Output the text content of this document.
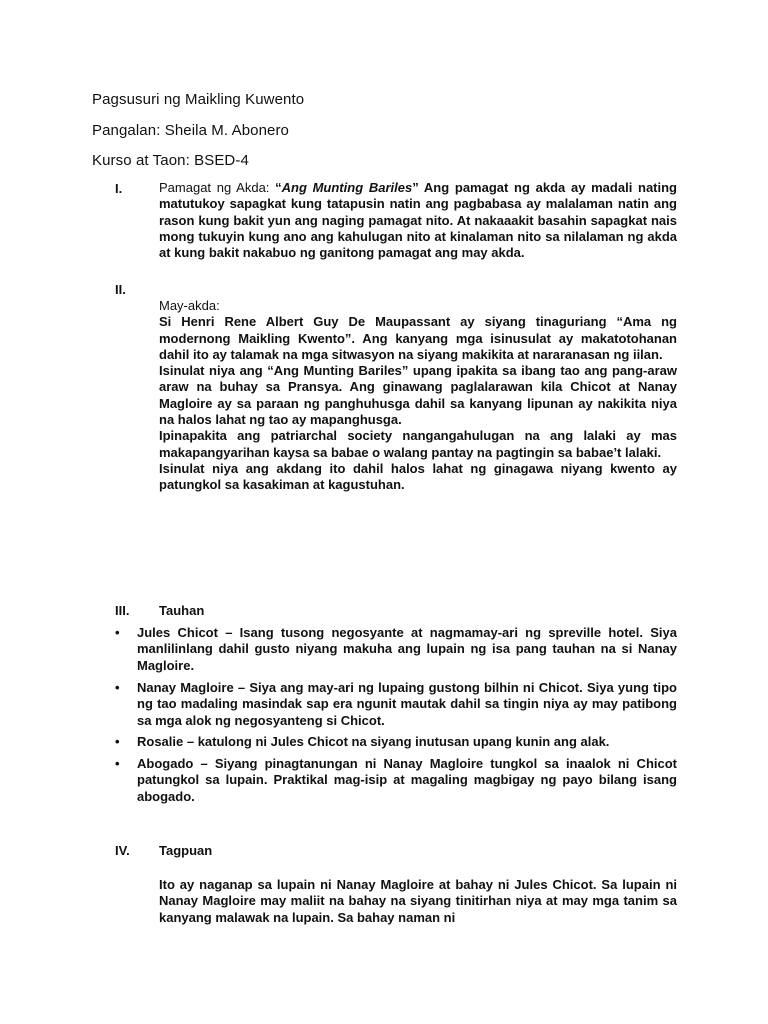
Pagsusuri ng Maikling Kuwento
Pangalan: Sheila M. Abonero
Kurso at Taon: BSED-4
I.	Pamagat ng Akda: “Ang Munting Bariles” Ang pamagat ng akda ay madali nating matutukoy sapagkat kung tatapusin natin ang pagbabasa ay malalaman natin ang rason kung bakit yun ang naging pamagat nito. At nakaaakit basahin sapagkat nais mong tukuyin kung ano ang kahulugan nito at kinalaman nito sa nilalaman ng akda at kung bakit nakabuo ng ganitong pamagat ang may akda.

II.

May-akda:

Si Henri Rene Albert Guy De Maupassant ay siyang tinaguriang “Ama ng modernong Maikling Kwento”. Ang kanyang mga isinusulat ay makatotohanan dahil ito ay talamak na mga sitwasyon na siyang makikita at nararanasan ng iilan.

Isinulat niya ang “Ang Munting Bariles” upang ipakita sa ibang tao ang pang-araw araw na buhay sa Pransya. Ang ginawang paglalarawan kila Chicot at Nanay Magloire ay sa paraan ng panghuhusga dahil sa kanyang lipunan ay nakikita niya na halos lahat ng tao ay mapanghusga.

Ipinapakita ang patriarchal society nangangahulugan na ang lalaki ay mas makapangyarihan kaysa sa babae o walang pantay na pagtingin sa babae’t lalaki.

Isinulat niya ang akdang ito dahil halos lahat ng ginagawa niyang kwento ay patungkol sa kasakiman at kagustuhan.

III. Tauhan
• Jules Chicot – Isang tusong negosyante at nagmamay-ari ng spreville hotel. Siya manlilinlang dahil gusto niyang makuha ang lupain ng isa pang tauhan na si Nanay Magloire.

• Nanay Magloire – Siya ang may-ari ng lupaing gustong bilhin ni Chicot. Siya yung tipo ng tao madaling masindak sap era ngunit mautak dahil sa tingin niya ay may patibong sa mga alok ng negosyanteng si Chicot.

• Rosalie – katulong ni Jules Chicot na siyang inutusan upang kunin ang alak.

• Abogado – Siyang pinagtanungan ni Nanay Magloire tungkol sa inaalok ni Chicot patungkol sa lupain. Praktikal mag-isip at magaling magbigay ng payo bilang isang abogado.

IV. Tagpuan

Ito ay naganap sa lupain ni Nanay Magloire at bahay ni Jules Chicot. Sa lupain ni Nanay Magloire may maliit na bahay na siyang tinitirhan niya at may mga tanim sa kanyang malawak na lupain. Sa bahay naman ni
